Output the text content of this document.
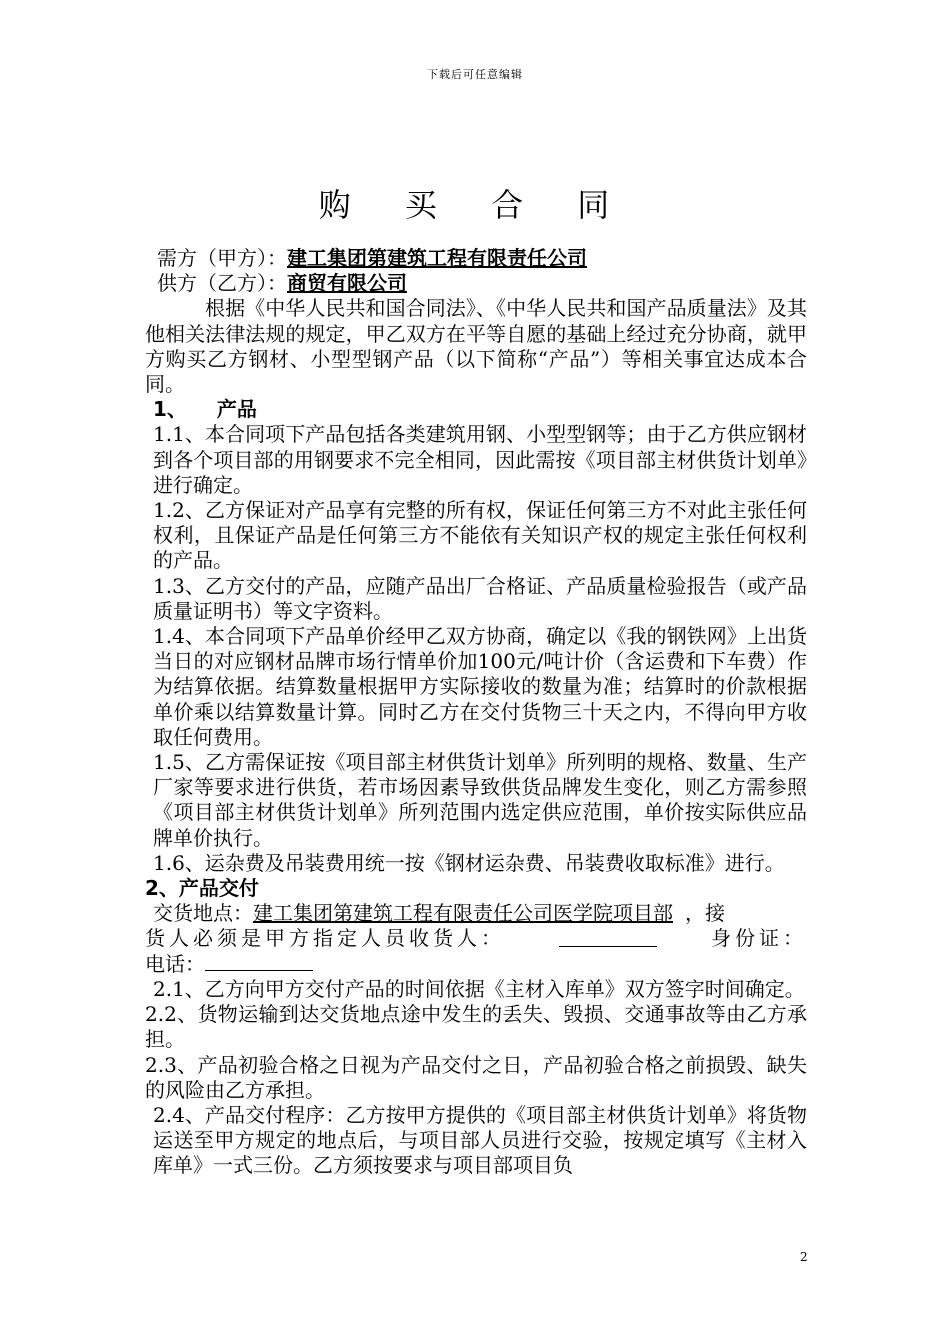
下载后可任意编辑
购 买 合 同

需方（甲方）：建工集团第建筑工程有限责任公司

供方（乙方）：商贸有限公司

根据《中华人民共和国合同法》、《中华人民共和国产品质量法》及其他相关法律法规的规定，甲乙双方在平等自愿的基础上经过充分协商，就甲方购买乙方钢材、小型型钢产品（以下简称“产品”）等相关事宜达成本合同。

1、 产品

1.1、本合同项下产品包括各类建筑用钢、小型型钢等；由于乙方供应钢材到各个项目部的用钢要求不完全相同，因此需按《项目部主材供货计划单》进行确定。

1.2、乙方保证对产品享有完整的所有权，保证任何第三方不对此主张任何权利，且保证产品是任何第三方不能依有关知识产权的规定主张任何权利的产品。

1.3、乙方交付的产品，应随产品出厂合格证、产品质量检验报告（或产品质量证明书）等文字资料。

1.4、本合同项下产品单价经甲乙双方协商，确定以《我的钢铁网》上出货当日的对应钢材品牌市场行情单价加100元/吨计价（含运费和下车费）作为结算依据。结算数量根据甲方实际接收的数量为准；结算时的价款根据单价乘以结算数量计算。同时乙方在交付货物三十天之内，不得向甲方收取任何费用。

1.5、乙方需保证按《项目部主材供货计划单》所列明的规格、数量、生产厂家等要求进行供货，若市场因素导致供货品牌发生变化，则乙方需参照《项目部主材供货计划单》所列范围内选定供应范围，单价按实际供应品牌单价执行。

1.6、运杂费及吊装费用统一按《钢材运杂费、吊装费收取标准》进行。

2、产品交付

交货地点：建工集团第建筑工程有限责任公司医学院项目部 ，接

货人必须是甲方指定人员收货人：	身份证：

电话：

2.1、乙方向甲方交付产品的时间依据《主材入库单》双方签字时间确定。

2.2、货物运输到达交货地点途中发生的丢失、毁损、交通事故等由乙方承担。

2.3、产品初验合格之日视为产品交付之日，产品初验合格之前损毁、缺失的风险由乙方承担。

2.4、产品交付程序：乙方按甲方提供的《项目部主材供货计划单》将货物运送至甲方规定的地点后，与项目部人员进行交验，按规定填写《主材入库单》一式三份。乙方须按要求与项目部项目负

2
